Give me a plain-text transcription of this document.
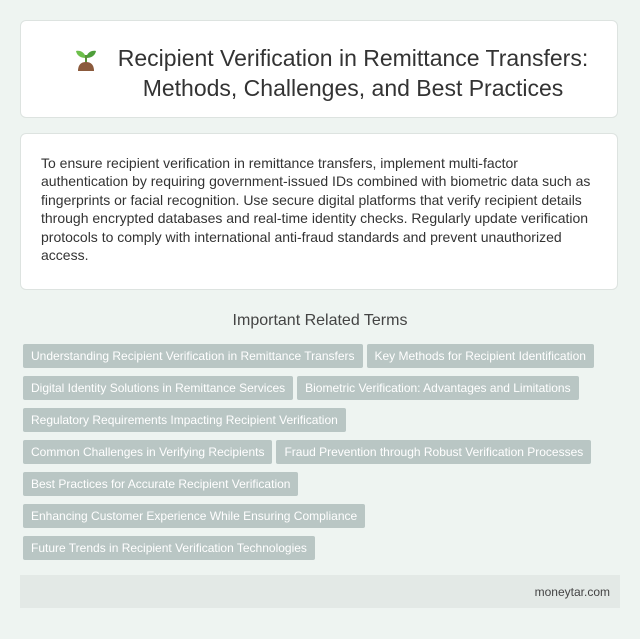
Recipient Verification in Remittance Transfers: Methods, Challenges, and Best Practices

To ensure recipient verification in remittance transfers, implement multi-factor authentication by requiring government-issued IDs combined with biometric data such as fingerprints or facial recognition. Use secure digital platforms that verify recipient details through encrypted databases and real-time identity checks. Regularly update verification protocols to comply with international anti-fraud standards and prevent unauthorized access.

Important Related Terms
Understanding Recipient Verification in Remittance Transfers Key Methods for Recipient IdentificationDigital Identity Solutions in Remittance Services Biometric Verification: Advantages and LimitationsRegulatory Requirements Impacting Recipient VerificationCommon Challenges in Verifying Recipients Fraud Prevention through Robust Verification ProcessesBest Practices for Accurate Recipient VerificationEnhancing Customer Experience While Ensuring ComplianceFuture Trends in Recipient Verification Technologies
moneytar.com
